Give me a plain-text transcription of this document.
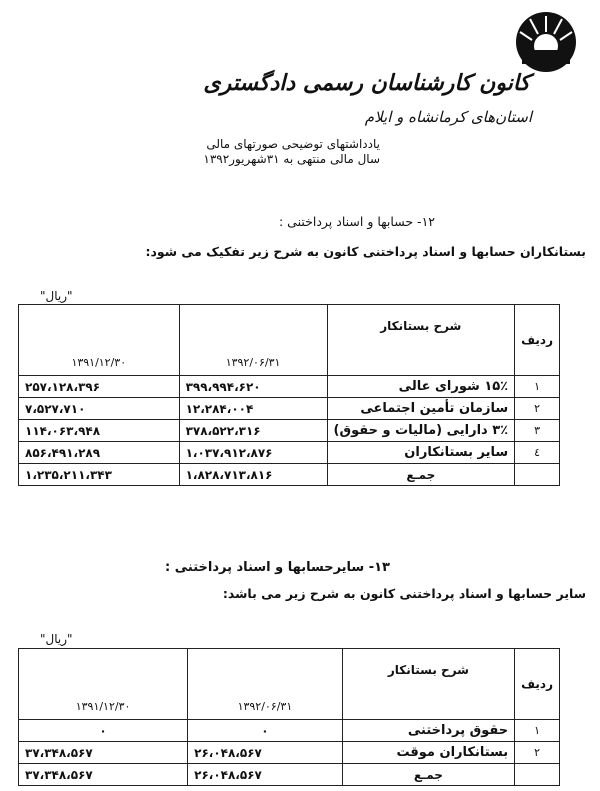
کانون کارشناسان رسمی دادگستری
استان‌های کرمانشاه و ایلام
یادداشتهای توضیحی صورتهای مالی
سال مالی منتهی به ۳۱شهریور۱۳۹۲
۱۲- حسابها و اسناد پرداختنی :
بستانکاران حسابها و اسناد پرداختنی کانون به شرح زیر تفکیک می شود:
"ریال"
ردیف	شرح بستانکار	۱۳۹۲/۰۶/۳۱	۱۳۹۱/۱۲/۳۰
۱	۱۵٪ شورای عالی	۳۹۹،۹۹۴،۶۲۰	۲۵۷،۱۲۸،۳۹۶
۲	سازمان تأمین اجتماعی	۱۲،۲۸۴،۰۰۴	۷،۵۲۷،۷۱۰
۳	۳٪ دارایی (مالیات و حقوق)	۳۷۸،۵۲۲،۳۱۶	۱۱۴،۰۶۳،۹۴۸
٤	سایر بستانکاران	۱،۰۳۷،۹۱۲،۸۷۶	۸۵۶،۴۹۱،۲۸۹
	جمـع	۱،۸۲۸،۷۱۳،۸۱۶	۱،۲۳۵،۲۱۱،۳۴۳
۱۳- سایرحسابها و اسناد پرداختنی :
سایر حسابها و اسناد پرداختنی کانون به شرح زیر می باشد:
"ریال"
ردیف	شرح بستانکار	۱۳۹۲/۰۶/۳۱	۱۳۹۱/۱۲/۳۰
۱	حقوق پرداختنی	۰	۰
۲	بستانکاران موقت	۲۶،۰۴۸،۵۶۷	۳۷،۳۴۸،۵۶۷
	جمـع	۲۶،۰۴۸،۵۶۷	۳۷،۳۴۸،۵۶۷
